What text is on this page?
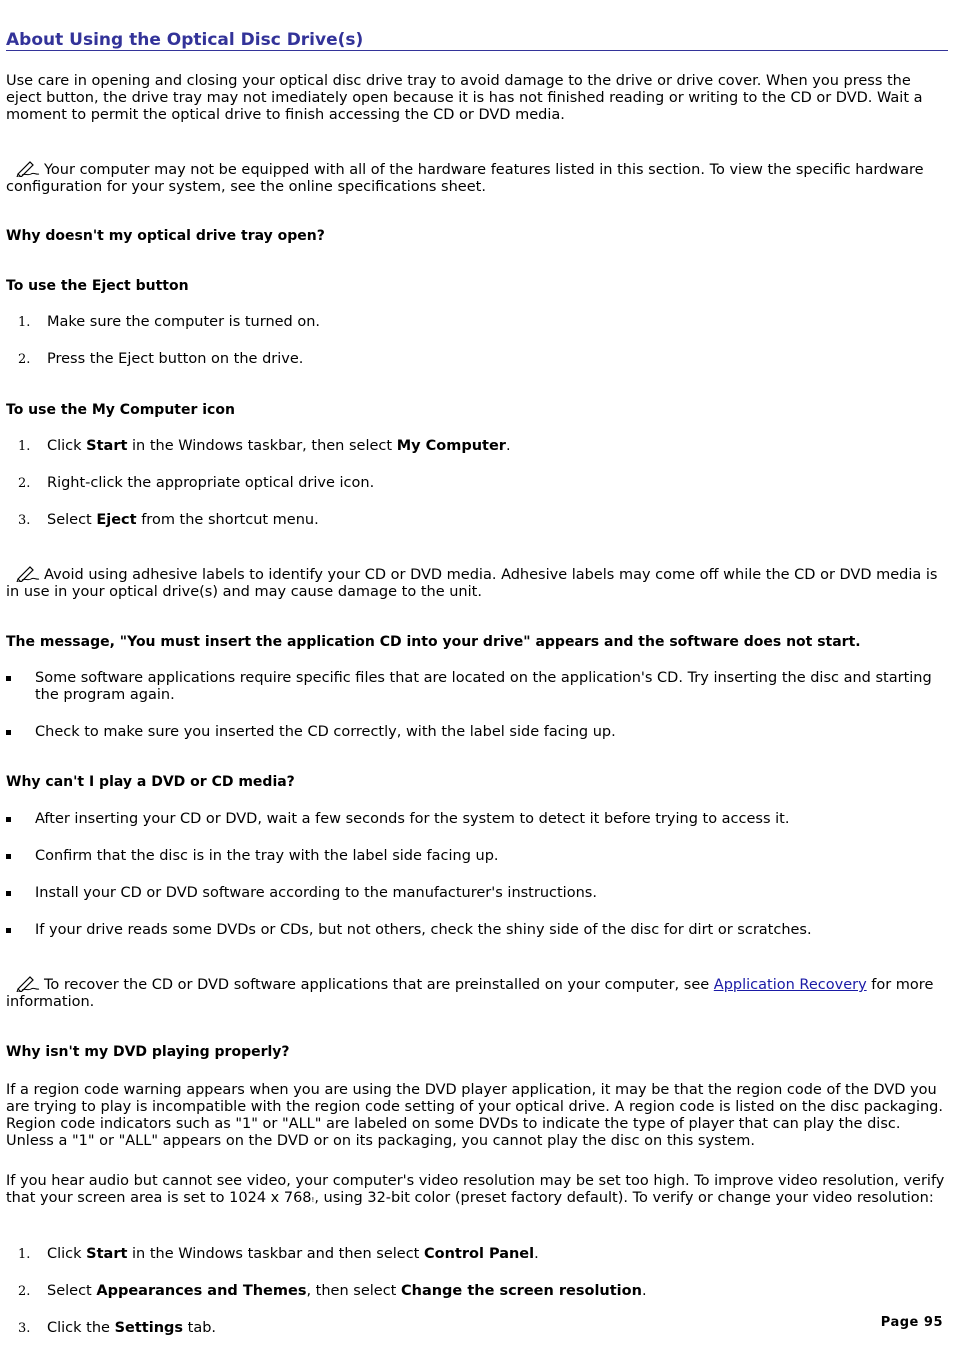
About Using the Optical Disc Drive(s)
Use care in opening and closing your optical disc drive tray to avoid damage to the drive or drive cover. When you press the eject button, the drive tray may not imediately open because it is has not finished reading or writing to the CD or DVD. Wait a moment to permit the optical drive to finish accessing the CD or DVD media.
Your computer may not be equipped with all of the hardware features listed in this section. To view the specific hardware configuration for your system, see the online specifications sheet.
Why doesn't my optical drive tray open?
To use the Eject button
1. Make sure the computer is turned on.
2. Press the Eject button on the drive.
To use the My Computer icon
1. Click Start in the Windows taskbar, then select My Computer.
2. Right-click the appropriate optical drive icon.
3. Select Eject from the shortcut menu.
Avoid using adhesive labels to identify your CD or DVD media. Adhesive labels may come off while the CD or DVD media is in use in your optical drive(s) and may cause damage to the unit.
The message, "You must insert the application CD into your drive" appears and the software does not start.
Some software applications require specific files that are located on the application's CD. Try inserting the disc and starting the program again.
Check to make sure you inserted the CD correctly, with the label side facing up.
Why can't I play a DVD or CD media?
After inserting your CD or DVD, wait a few seconds for the system to detect it before trying to access it.
Confirm that the disc is in the tray with the label side facing up.
Install your CD or DVD software according to the manufacturer's instructions.
If your drive reads some DVDs or CDs, but not others, check the shiny side of the disc for dirt or scratches.
To recover the CD or DVD software applications that are preinstalled on your computer, see Application Recovery for more information.
Why isn't my DVD playing properly?
If a region code warning appears when you are using the DVD player application, it may be that the region code of the DVD you are trying to play is incompatible with the region code setting of your optical drive. A region code is listed on the disc packaging. Region code indicators such as "1" or "ALL" are labeled on some DVDs to indicate the type of player that can play the disc. Unless a "1" or "ALL" appears on the DVD or on its packaging, you cannot play the disc on this system.
If you hear audio but cannot see video, your computer's video resolution may be set too high. To improve video resolution, verify that your screen area is set to 1024 x 768!, using 32-bit color (preset factory default). To verify or change your video resolution:
1. Click Start in the Windows taskbar and then select Control Panel.
2. Select Appearances and Themes, then select Change the screen resolution.
3. Click the Settings tab.	Page 95
